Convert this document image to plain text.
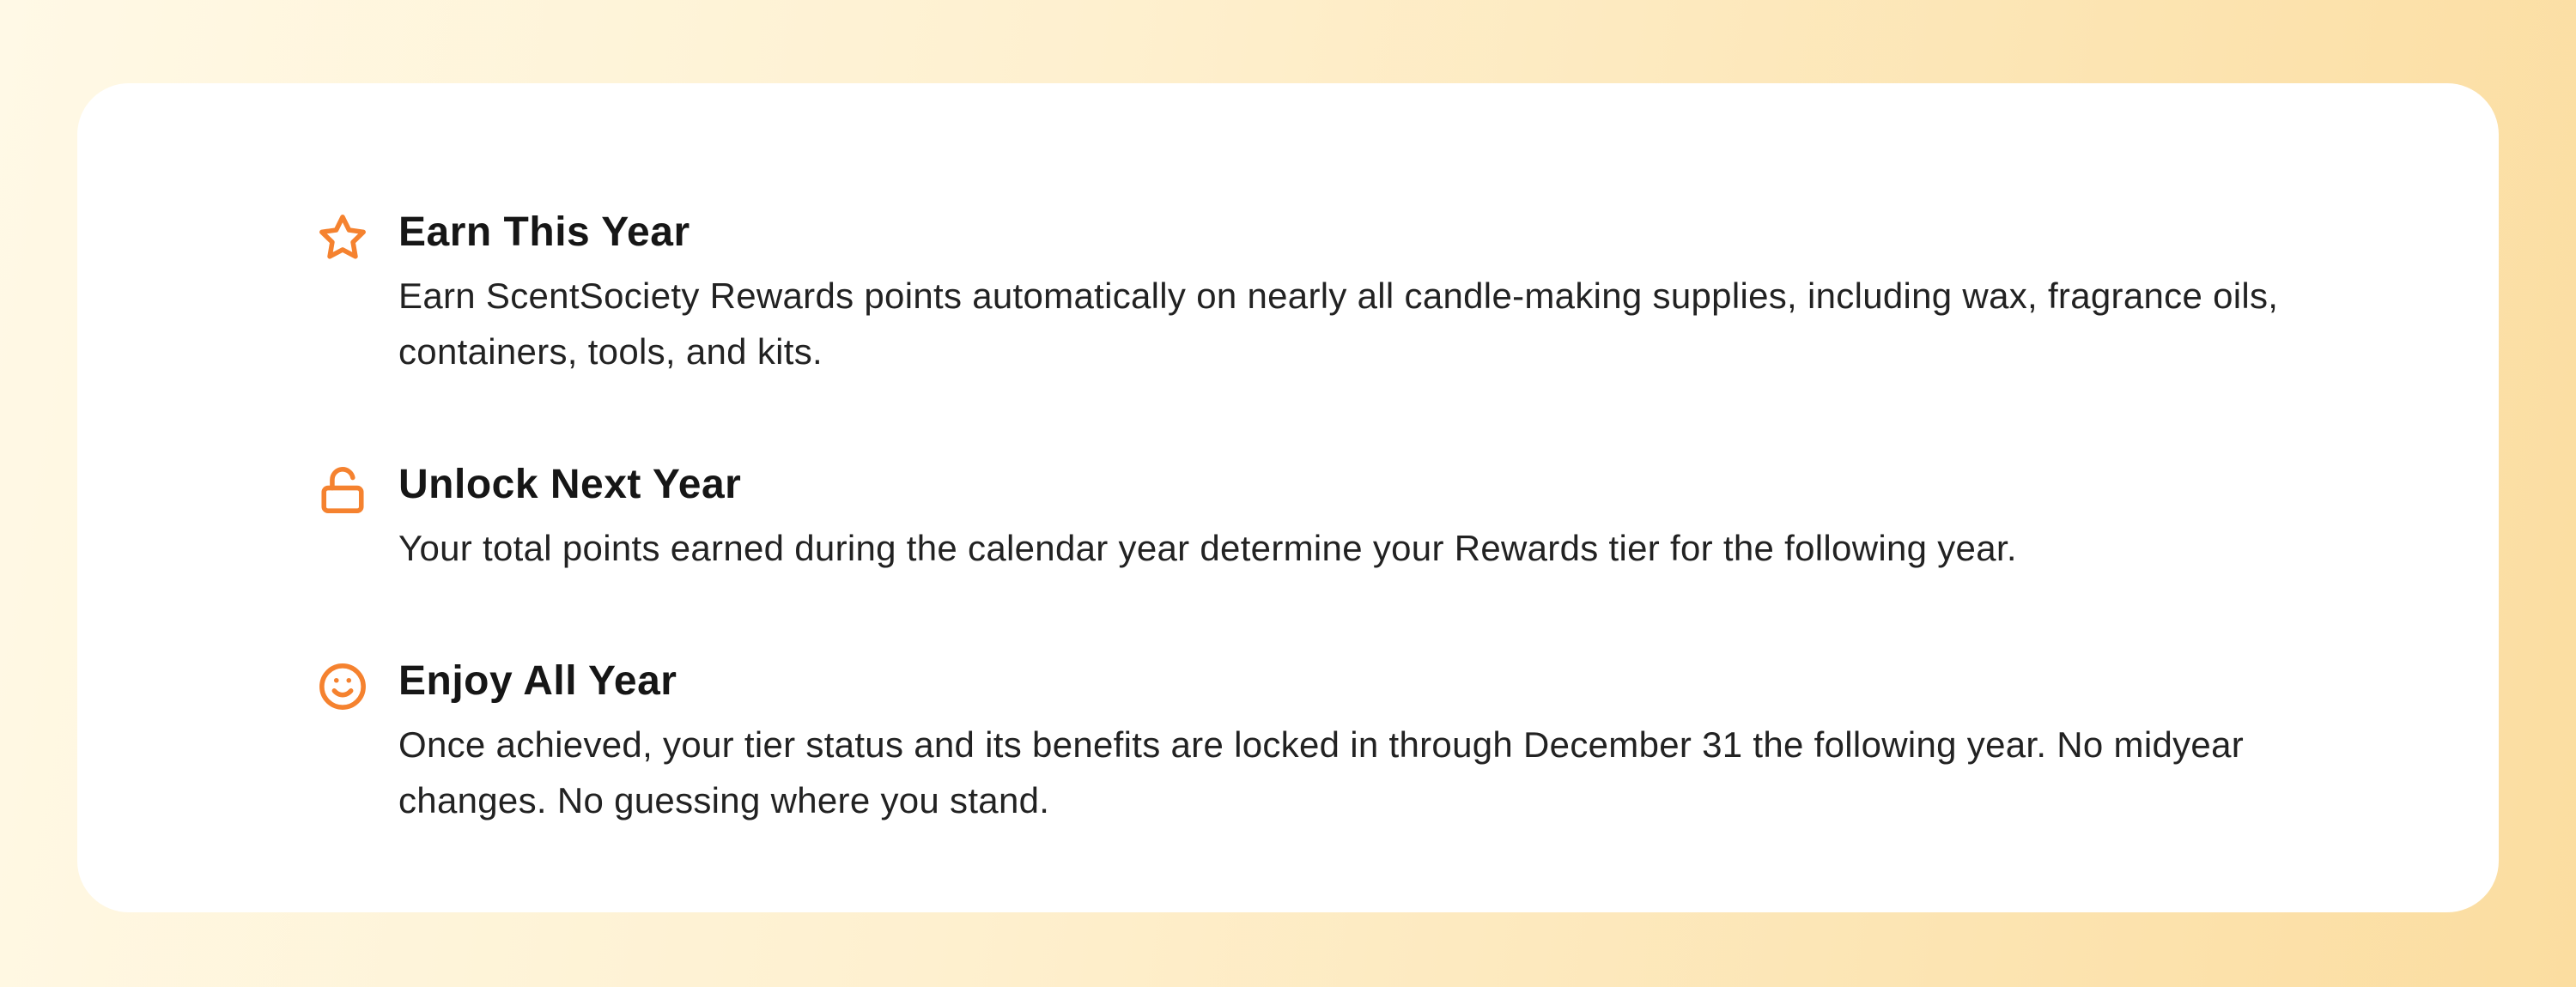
Earn This Year
Earn ScentSociety Rewards points automatically on nearly all candle-making supplies, including wax, fragrance oils, containers, tools, and kits.
Unlock Next Year
Your total points earned during the calendar year determine your Rewards tier for the following year.
Enjoy All Year
Once achieved, your tier status and its benefits are locked in through December 31 the following year. No midyear changes. No guessing where you stand.
